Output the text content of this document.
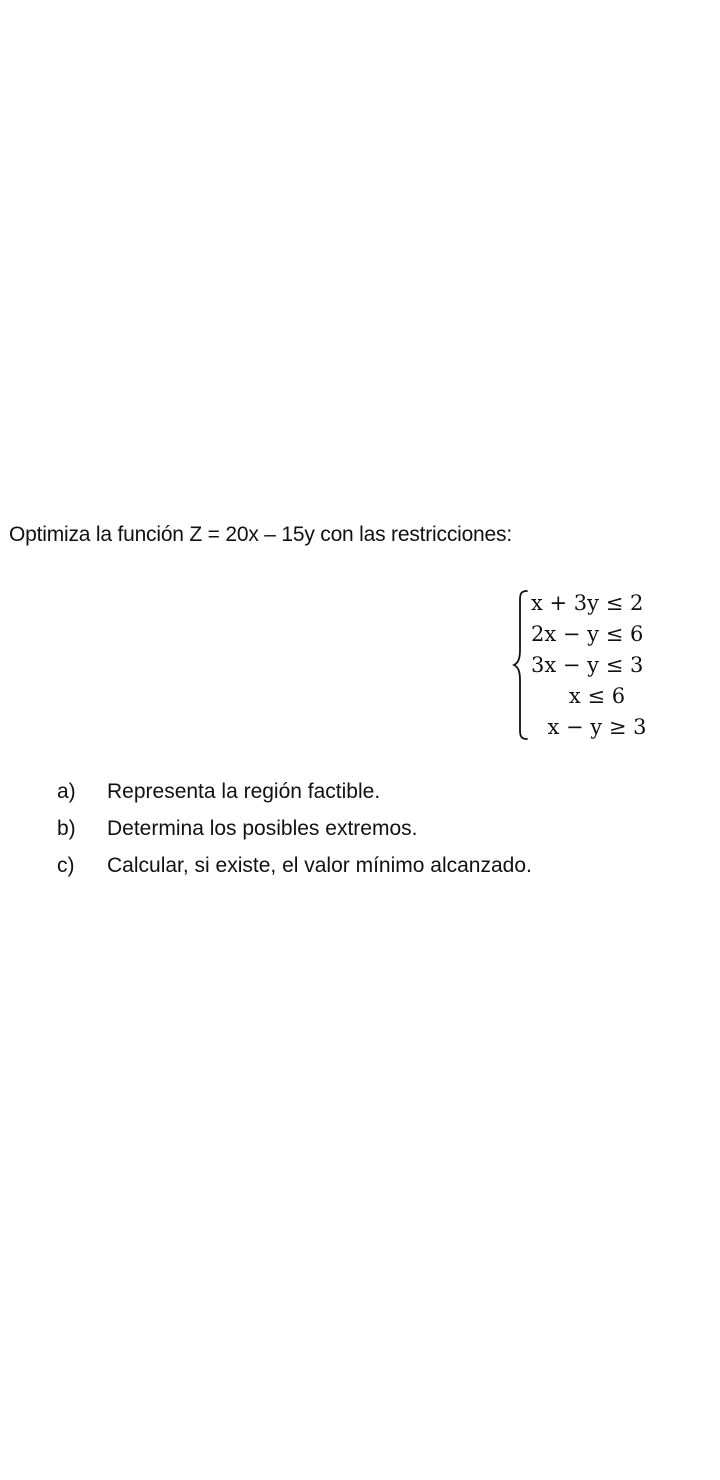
Optimiza la función Z = 20x – 15y con las restricciones:
x + 3y ≤ 2
2x − y ≤ 6
3x − y ≤ 3
x ≤ 6
x − y ≥ 3
a)	Representa la región factible.
b)	Determina los posibles extremos.
c)	Calcular, si existe, el valor mínimo alcanzado.
